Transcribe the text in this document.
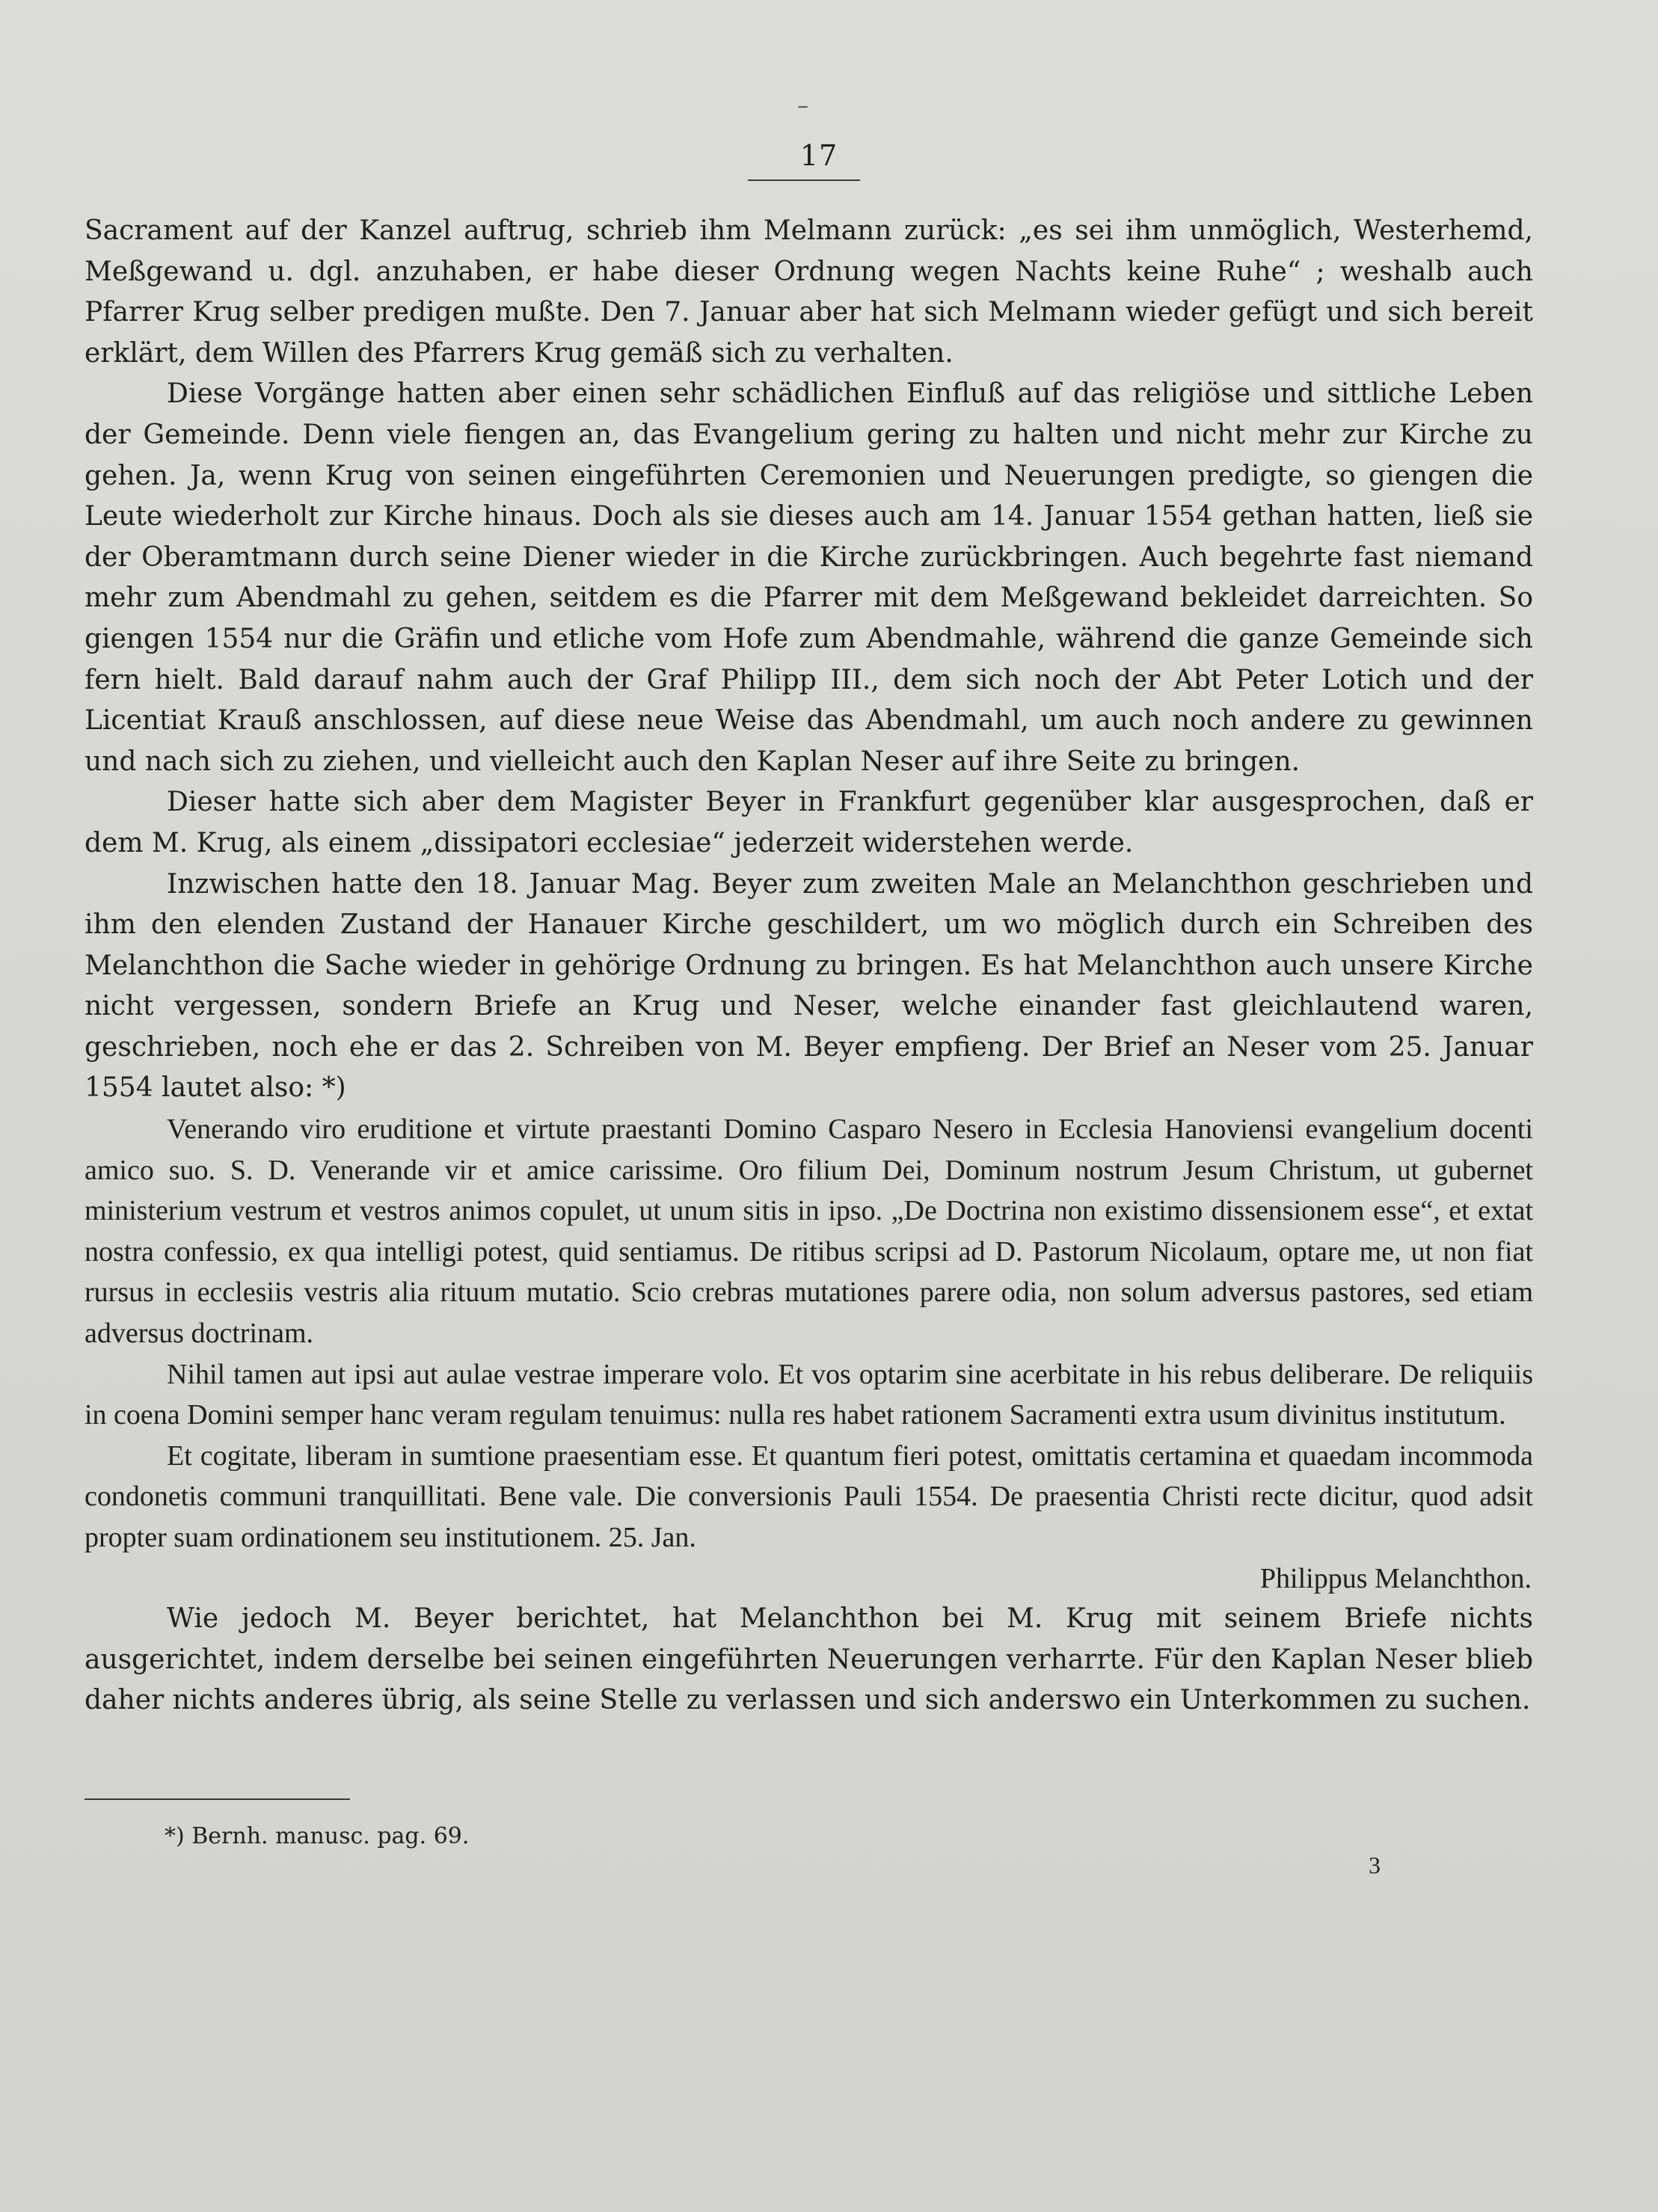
–
17

Sacrament auf der Kanzel auftrug, schrieb ihm Melmann zurück: „es sei ihm unmöglich, Westerhemd, Meßgewand u. dgl. anzuhaben, er habe dieser Ordnung wegen Nachts keine Ruhe“ ; weshalb auch Pfarrer Krug selber predigen mußte. Den 7. Januar aber hat sich Melmann wieder gefügt und sich bereit erklärt, dem Willen des Pfarrers Krug gemäß sich zu verhalten.

Diese Vorgänge hatten aber einen sehr schädlichen Einfluß auf das religiöse und sittliche Leben der Gemeinde. Denn viele fiengen an, das Evangelium gering zu halten und nicht mehr zur Kirche zu gehen. Ja, wenn Krug von seinen eingeführten Ceremonien und Neuerungen predigte, so giengen die Leute wiederholt zur Kirche hinaus. Doch als sie dieses auch am 14. Januar 1554 gethan hatten, ließ sie der Oberamtmann durch seine Diener wieder in die Kirche zurückbringen. Auch begehrte fast niemand mehr zum Abendmahl zu gehen, seitdem es die Pfarrer mit dem Meßgewand bekleidet darreichten. So giengen 1554 nur die Gräfin und etliche vom Hofe zum Abendmahle, während die ganze Gemeinde sich fern hielt. Bald darauf nahm auch der Graf Philipp III., dem sich noch der Abt Peter Lotich und der Licentiat Krauß anschlossen, auf diese neue Weise das Abendmahl, um auch noch andere zu gewinnen und nach sich zu ziehen, und vielleicht auch den Kaplan Neser auf ihre Seite zu bringen.

Dieser hatte sich aber dem Magister Beyer in Frankfurt gegenüber klar ausgesprochen, daß er dem M. Krug, als einem „dissipatori ecclesiae“ jederzeit widerstehen werde.

Inzwischen hatte den 18. Januar Mag. Beyer zum zweiten Male an Melanchthon geschrieben und ihm den elenden Zustand der Hanauer Kirche geschildert, um wo möglich durch ein Schreiben des Melanchthon die Sache wieder in gehörige Ordnung zu bringen. Es hat Melanchthon auch unsere Kirche nicht vergessen, sondern Briefe an Krug und Neser, welche einander fast gleichlautend waren, geschrieben, noch ehe er das 2. Schreiben von M. Beyer empfieng. Der Brief an Neser vom 25. Januar 1554 lautet also: *)

Venerando viro eruditione et virtute praestanti Domino Casparo Nesero in Ecclesia Hanoviensi evangelium docenti amico suo. S. D. Venerande vir et amice carissime. Oro filium Dei, Dominum nostrum Jesum Christum, ut gubernet ministerium vestrum et vestros animos copulet, ut unum sitis in ipso. „De Doctrina non existimo dissensionem esse“, et extat nostra confessio, ex qua intelligi potest, quid sentiamus. De ritibus scripsi ad D. Pastorum Nicolaum, optare me, ut non fiat rursus in ecclesiis vestris alia rituum mutatio. Scio crebras mutationes parere odia, non solum adversus pastores, sed etiam adversus doctrinam.

Nihil tamen aut ipsi aut aulae vestrae imperare volo. Et vos optarim sine acerbitate in his rebus deliberare. De reliquiis in coena Domini semper hanc veram regulam tenuimus: nulla res habet rationem Sacramenti extra usum divinitus institutum.

Et cogitate, liberam in sumtione praesentiam esse. Et quantum fieri potest, omittatis certamina et quaedam incommoda condonetis communi tranquillitati. Bene vale. Die conversionis Pauli 1554. De praesentia Christi recte dicitur, quod adsit propter suam ordinationem seu institutionem. 25. Jan.

Philippus Melanchthon.

Wie jedoch M. Beyer berichtet, hat Melanchthon bei M. Krug mit seinem Briefe nichts ausgerichtet, indem derselbe bei seinen eingeführten Neuerungen verharrte. Für den Kaplan Neser blieb daher nichts anderes übrig, als seine Stelle zu verlassen und sich anderswo ein Unterkommen zu suchen.

*) Bernh. manusc. pag. 69.
3
